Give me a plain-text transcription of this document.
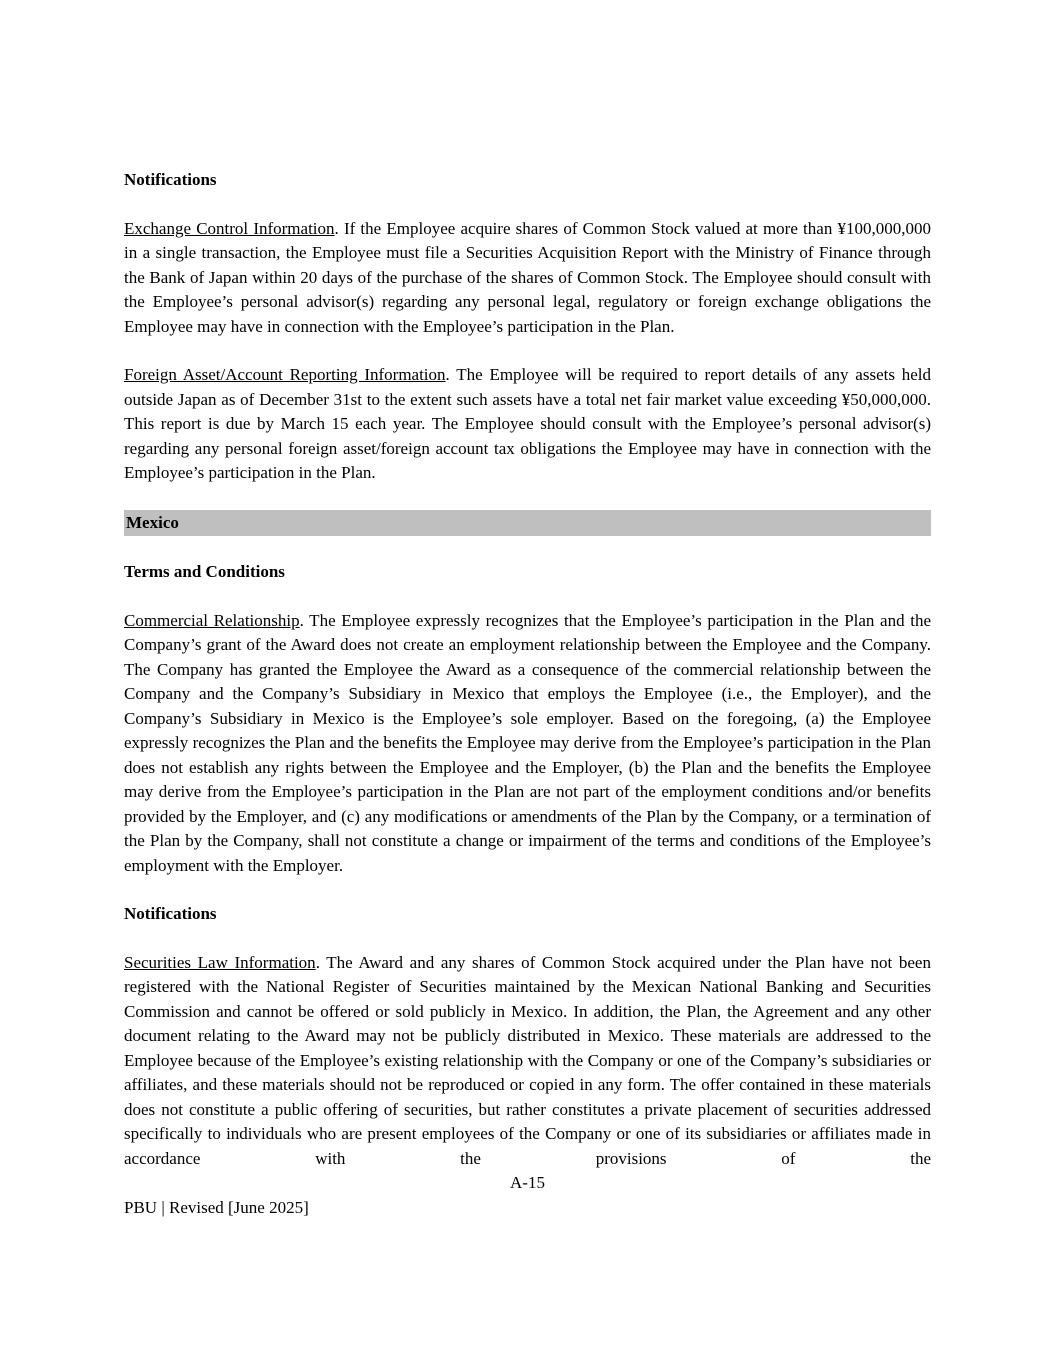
Notifications

Exchange Control Information. If the Employee acquire shares of Common Stock valued at more than ¥100,000,000 in a single transaction, the Employee must file a Securities Acquisition Report with the Ministry of Finance through the Bank of Japan within 20 days of the purchase of the shares of Common Stock. The Employee should consult with the Employee’s personal advisor(s) regarding any personal legal, regulatory or foreign exchange obligations the Employee may have in connection with the Employee’s participation in the Plan.

Foreign Asset/Account Reporting Information. The Employee will be required to report details of any assets held outside Japan as of December 31st to the extent such assets have a total net fair market value exceeding ¥50,000,000. This report is due by March 15 each year. The Employee should consult with the Employee’s personal advisor(s) regarding any personal foreign asset/foreign account tax obligations the Employee may have in connection with the Employee’s participation in the Plan.

Mexico

Terms and Conditions

Commercial Relationship. The Employee expressly recognizes that the Employee’s participation in the Plan and the Company’s grant of the Award does not create an employment relationship between the Employee and the Company. The Company has granted the Employee the Award as a consequence of the commercial relationship between the Company and the Company’s Subsidiary in Mexico that employs the Employee (i.e., the Employer), and the Company’s Subsidiary in Mexico is the Employee’s sole employer. Based on the foregoing, (a) the Employee expressly recognizes the Plan and the benefits the Employee may derive from the Employee’s participation in the Plan does not establish any rights between the Employee and the Employer, (b) the Plan and the benefits the Employee may derive from the Employee’s participation in the Plan are not part of the employment conditions and/or benefits provided by the Employer, and (c) any modifications or amendments of the Plan by the Company, or a termination of the Plan by the Company, shall not constitute a change or impairment of the terms and conditions of the Employee’s employment with the Employer.

Notifications

Securities Law Information. The Award and any shares of Common Stock acquired under the Plan have not been registered with the National Register of Securities maintained by the Mexican National Banking and Securities Commission and cannot be offered or sold publicly in Mexico. In addition, the Plan, the Agreement and any other document relating to the Award may not be publicly distributed in Mexico. These materials are addressed to the Employee because of the Employee’s existing relationship with the Company or one of the Company’s subsidiaries or affiliates, and these materials should not be reproduced or copied in any form. The offer contained in these materials does not constitute a public offering of securities, but rather constitutes a private placement of securities addressed specifically to individuals who are present employees of the Company or one of its subsidiaries or affiliates made in accordance with the provisions of the

A-15

PBU | Revised [June 2025]
